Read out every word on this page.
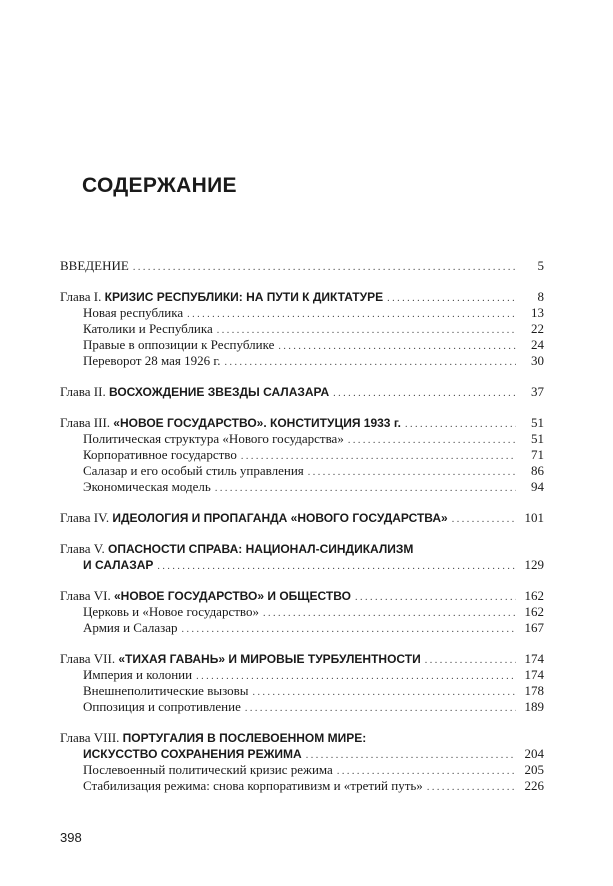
СОДЕРЖАНИЕ
ВВЕДЕНИЕ . . .	5
Глава I. КРИЗИС РЕСПУБЛИКИ: НА ПУТИ К ДИКТАТУРЕ . . .	8
Новая республика . . .	13
Католики и Республика . . .	22
Правые в оппозиции к Республике . . .	24
Переворот 28 мая 1926 г. . . .	30
Глава II. ВОСХОЖДЕНИЕ ЗВЕЗДЫ САЛАЗАРА . . .	37
Глава III. «НОВОЕ ГОСУДАРСТВО». КОНСТИТУЦИЯ 1933 г. . . .	51
Политическая структура «Нового государства» . . .	51
Корпоративное государство . . .	71
Салазар и его особый стиль управления . . .	86
Экономическая модель . . .	94
Глава IV. ИДЕОЛОГИЯ И ПРОПАГАНДА «НОВОГО ГОСУДАРСТВА» . . .	101
Глава V. ОПАСНОСТИ СПРАВА: НАЦИОНАЛ-СИНДИКАЛИЗМ
И САЛАЗАР . . .	129
Глава VI. «НОВОЕ ГОСУДАРСТВО» И ОБЩЕСТВО . . .	162
Церковь и «Новое государство» . . .	162
Армия и Салазар . . .	167
Глава VII. «ТИХАЯ ГАВАНЬ» И МИРОВЫЕ ТУРБУЛЕНТНОСТИ . . .	174
Империя и колонии . . .	174
Внешнеполитические вызовы . . .	178
Оппозиция и сопротивление . . .	189
Глава VIII. ПОРТУГАЛИЯ В ПОСЛЕВОЕННОМ МИРЕ:
ИСКУССТВО СОХРАНЕНИЯ РЕЖИМА . . .	204
Послевоенный политический кризис режима . . .	205
Стабилизация режима: снова корпоративизм и «третий путь» . . .	226
398
